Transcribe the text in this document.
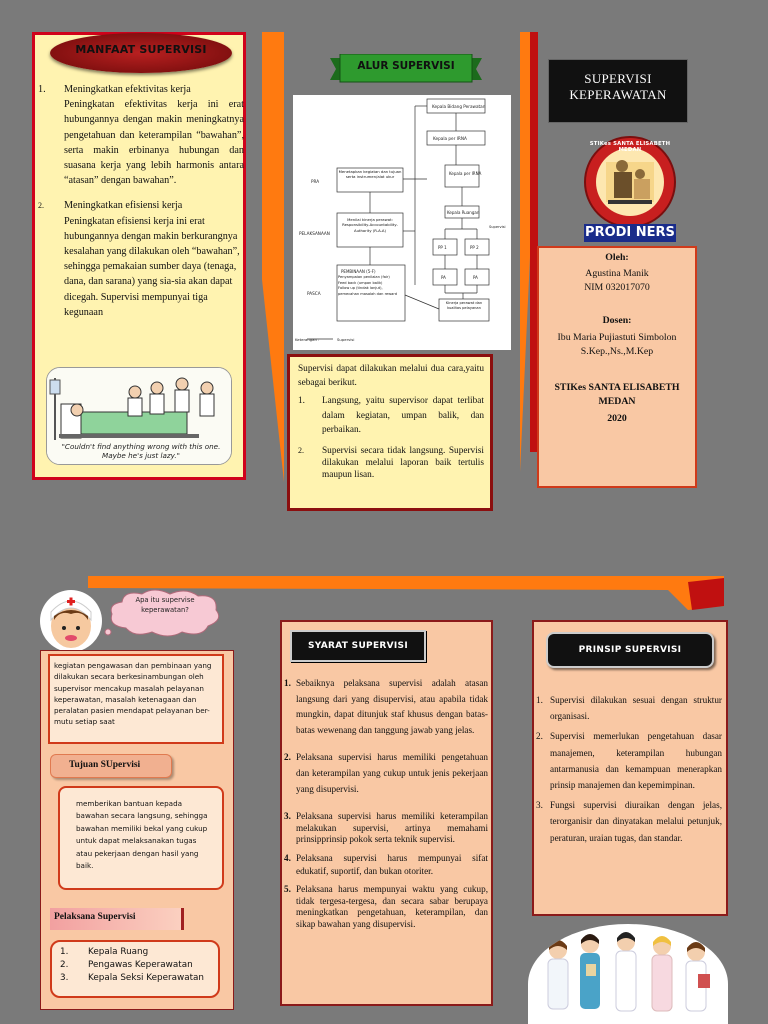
MANFAAT SUPERVISI
1.	Meningkatkan efektivitas kerja
Peningkatan efektivitas kerja ini erat hubungannya dengan makin meningkatnya pengetahuan dan keterampilan “bawahan”, serta makin erbinanya hubungan dan suasana kerja yang lebih harmonis antara “atasan” dengan bawahan”.
2.	Meningkatkan efisiensi kerja
Peningkatan efisiensi kerja ini erat hubungannya dengan makin berkurangnya kesalahan yang dilakukan oleh “bawahan”, sehingga pemakaian sumber daya (tenaga, dana, dan sarana) yang sia-sia akan dapat dicegah. Supervisi mempunyai tiga kegunaan
"Couldn't find anything wrong with this one. Maybe he's just lazy."
ALUR SUPERVISI
Kepala Bidang Perawatan
Kepala per IRNA
Kepala per IRNA
Kepala Ruangan
Menetapkan kegiatan dan tujuan serta instrumen/alat ukur
Menilai kinerja perawat: Responsibility-Accountability-Authority (R-A-A)
PP 1	PP 2
PA	PA
PEMBINAAN (5-F)
Penyampaian penilaian (fair)
Feed back (umpan balik)
Follow up (tindak lanjut), pemecahan masalah dan reward
Kinerja perawat dan kualitas pelayanan
Supervisi
PRA
PELAKSANAAN
PASCA
Keterangan :	Supervisi
Supervisi dapat dilakukan melalui dua cara,yaitu sebagai berikut.
1.	Langsung, yaitu supervisor dapat terlibat dalam kegiatan, umpan balik, dan perbaikan.
2.	Supervisi secara tidak langsung. Supervisi dilakukan melalui laporan baik tertulis maupun lisan.
SUPERVISI
KEPERAWATAN
STIKes SANTA ELISABETH MEDAN
PRODI NERS
Oleh:
Agustina Manik
NIM 032017070
Dosen:
Ibu Maria Pujiastuti Simbolon S.Kep.,Ns.,M.Kep
STIKes SANTA ELISABETH MEDAN
2020
Apa itu supervise keperawatan?
kegiatan pengawasan dan pembinaan yang dilakukan secara berkesinambungan oleh supervisor mencakup masalah pelayanan keperawatan, masalah ketenagaan dan peralatan pasien mendapat pelayanan ber-mutu setiap saat
Tujuan SUpervisi
memberikan bantuan kepada bawahan secara langsung, sehingga bawahan memiliki bekal yang cukup untuk dapat melaksanakan tugas atau pekerjaan dengan hasil yang baik.
Pelaksana Supervisi
1.	Kepala Ruang
2.	Pengawas Keperawatan
3.	Kepala Seksi Keperawatan
SYARAT SUPERVISI
1. Sebaiknya pelaksana supervisi adalah atasan langsung dari yang disupervisi, atau apabila tidak mungkin, dapat ditunjuk staf khusus dengan batas-batas wewenang dan tanggung jawab yang jelas.
2. Pelaksana supervisi harus memiliki pengetahuan dan keterampilan yang cukup untuk jenis pekerjaan yang disupervisi.
3. Pelaksana supervisi harus memiliki keterampilan melakukan supervisi, artinya memahami prinsipprinsip pokok serta teknik supervisi.
4. Pelaksana supervisi harus mempunyai sifat edukatif, suportif, dan bukan otoriter.
5. Pelaksana harus mempunyai waktu yang cukup, tidak tergesa-tergesa, dan secara sabar berupaya meningkatkan pengetahuan, keterampilan, dan sikap bawahan yang disupervisi.
PRINSIP SUPERVISI
1. Supervisi dilakukan sesuai dengan struktur organisasi.
2. Supervisi memerlukan pengetahuan dasar manajemen, keterampilan hubungan antarmanusia dan kemampuan menerapkan prinsip manajemen dan kepemimpinan.
3. Fungsi supervisi diuraikan dengan jelas, terorganisir dan dinyatakan melalui petunjuk, peraturan, uraian tugas, dan standar.
